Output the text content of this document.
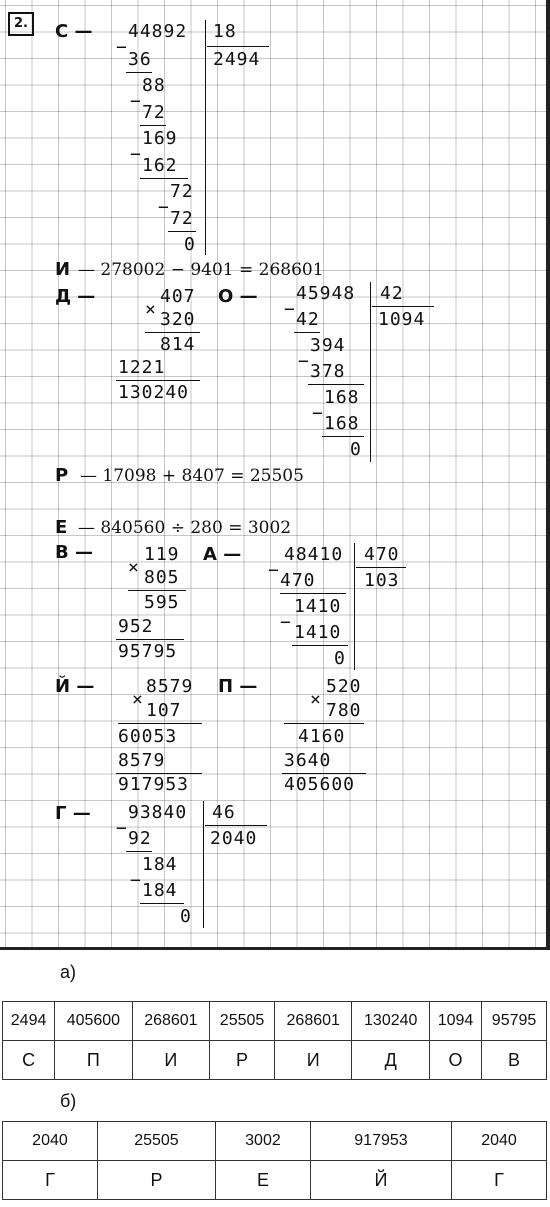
2.	С — 44892 18
2494
−
36
88
−
72
169
−
162
72
−
72
0
И — 278002 − 9401 = 268601
Д —	407
× 320
814
1221
130240
О — 45948 42
1094
− 42
394
− 378
168
− 168
0
Р — 17098 + 8407 = 25505
Е — 840560 ÷ 280 = 3002
В —	119
× 805
595
952
95795
А — 48410 470
103
− 470
1410
− 1410
0
Й —	8579
×
107
60053
8579
917953
П —	520
×
780
4160
3640
405600
Г — 93840 46
2040
− 92
184
− 184
0
а)
2494	405600	268601	25505	268601	130240	1094	95795
С	П	И	Р	И	Д	О	В
б)
2040	25505	3002	917953	2040
Г	Р	Е	Й	Г
